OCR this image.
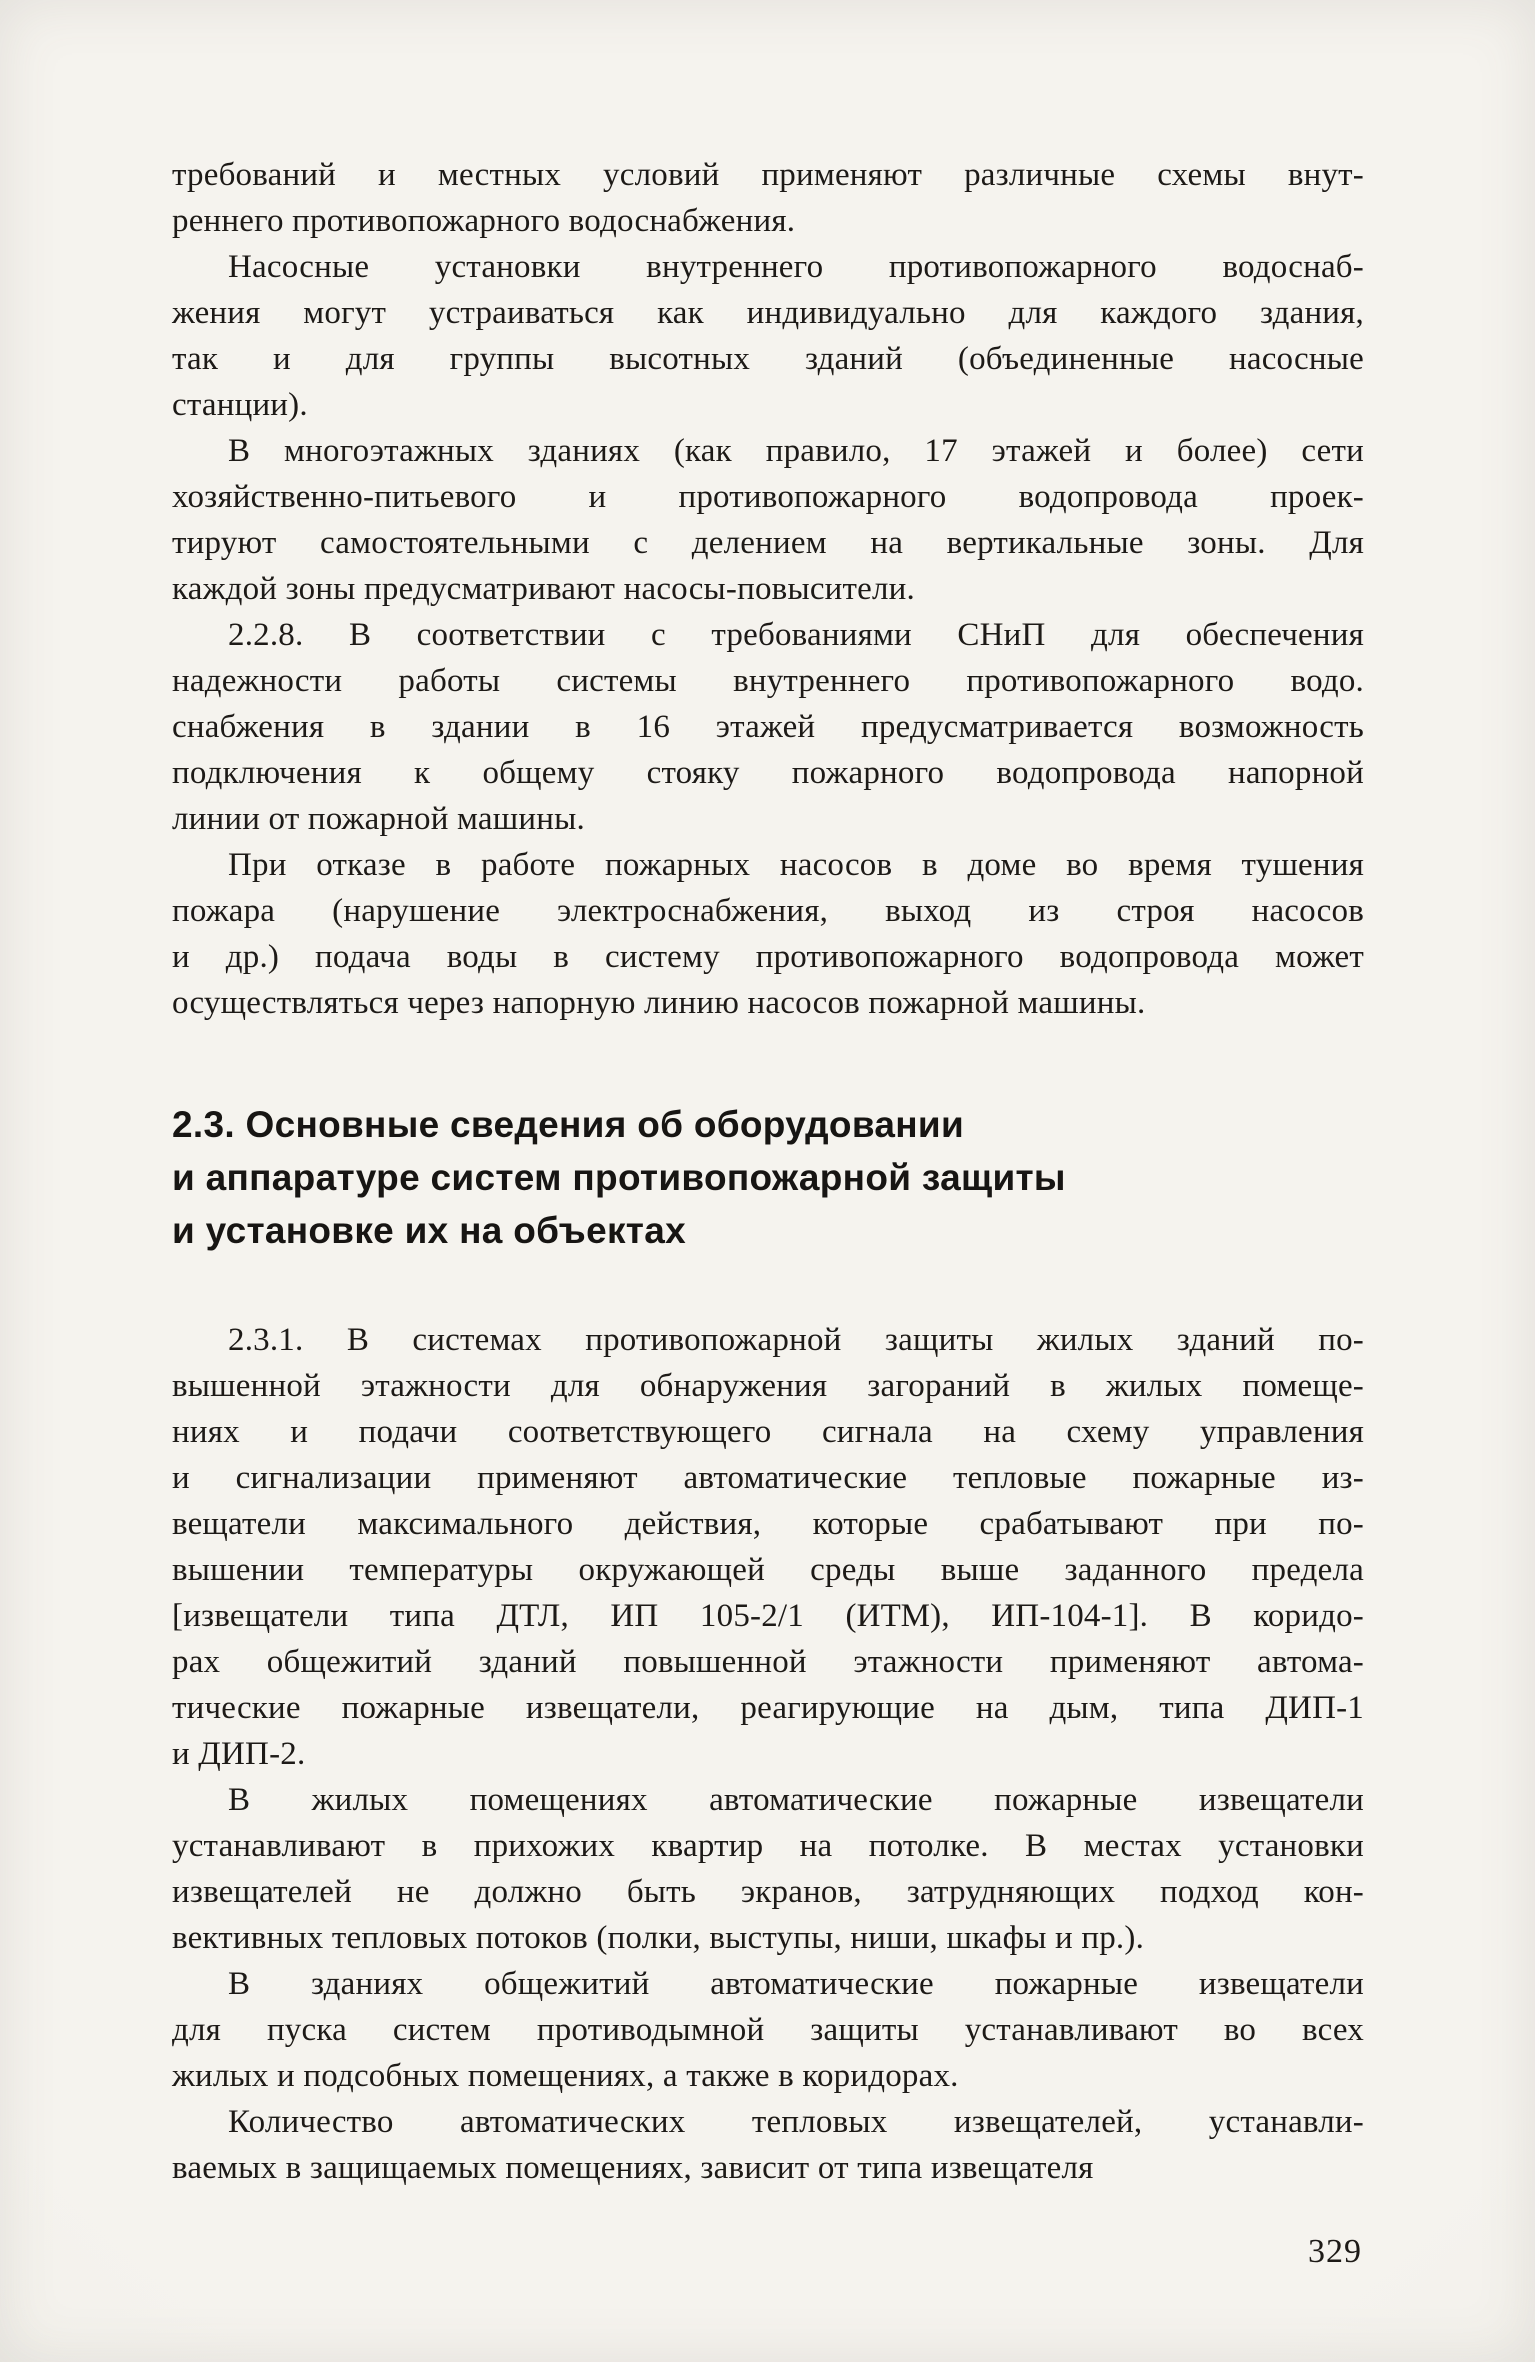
требований и местных условий применяют различные схемы внут-
реннего противопожарного водоснабжения.

Насосные установки внутреннего противопожарного водоснаб-
жения могут устраиваться как индивидуально для каждого здания,
так и для группы высотных зданий (объединенные насосные
станции).

В многоэтажных зданиях (как правило, 17 этажей и более) сети
хозяйственно-питьевого и противопожарного водопровода проек-
тируют самостоятельными с делением на вертикальные зоны. Для
каждой зоны предусматривают насосы-повысители.

2.2.8. В соответствии с требованиями СНиП для обеспечения
надежности работы системы внутреннего противопожарного водо.
снабжения в здании в 16 этажей предусматривается возможность
подключения к общему стояку пожарного водопровода напорной
линии от пожарной машины.

При отказе в работе пожарных насосов в доме во время тушения
пожара (нарушение электроснабжения, выход из строя насосов
и др.) подача воды в систему противопожарного водопровода может
осуществляться через напорную линию насосов пожарной машины.

2.3. Основные сведения об оборудовании
и аппаратуре систем противопожарной защиты
и установке их на объектах

2.3.1. В системах противопожарной защиты жилых зданий по-
вышенной этажности для обнаружения загораний в жилых помеще-
ниях и подачи соответствующего сигнала на схему управления
и сигнализации применяют автоматические тепловые пожарные из-
вещатели максимального действия, которые срабатывают при по-
вышении температуры окружающей среды выше заданного предела
[извещатели типа ДТЛ, ИП 105-2/1 (ИТМ), ИП-104-1]. В коридо-
рах общежитий зданий повышенной этажности применяют автома-
тические пожарные извещатели, реагирующие на дым, типа ДИП-1
и ДИП-2.

В жилых помещениях автоматические пожарные извещатели
устанавливают в прихожих квартир на потолке. В местах установки
извещателей не должно быть экранов, затрудняющих подход кон-
вективных тепловых потоков (полки, выступы, ниши, шкафы и пр.).

В зданиях общежитий автоматические пожарные извещатели
для пуска систем противодымной защиты устанавливают во всех
жилых и подсобных помещениях, а также в коридорах.

Количество автоматических тепловых извещателей, устанавли-
ваемых в защищаемых помещениях, зависит от типа извещателя

329
